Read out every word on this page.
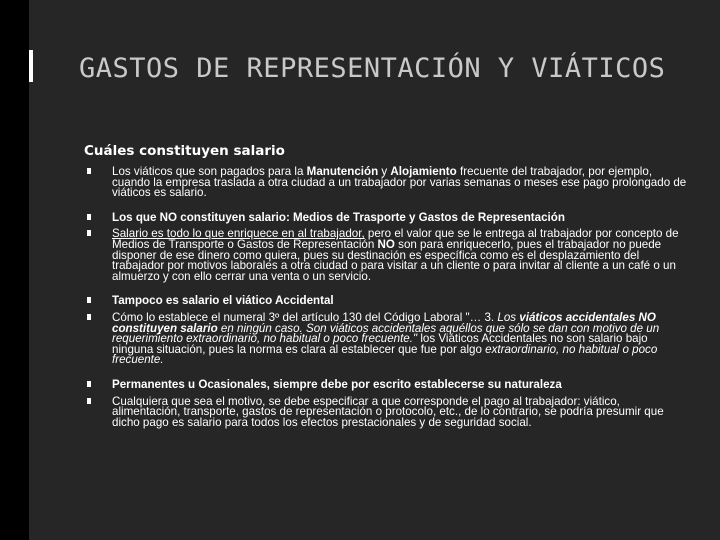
GASTOS DE REPRESENTACIÓN Y VIÁTICOS
Cuáles constituyen salario
Los viáticos que son pagados para la Manutención y Alojamiento frecuente del trabajador, por ejemplo, cuando la empresa traslada a otra ciudad a un trabajador por varias semanas o meses ese pago prolongado de viáticos es salario.
Los que NO constituyen salario: Medios de Trasporte y Gastos de Representación
Salario es todo lo que enriquece en al trabajador, pero el valor que se le entrega al trabajador por concepto de Medios de Transporte o Gastos de Representación NO son para enriquecerlo, pues el trabajador no puede disponer de ese dinero como quiera, pues su destinación es específica como es el desplazamiento del trabajador por motivos laborales a otra ciudad o para visitar a un cliente o para invitar al cliente a un café o un almuerzo y con ello cerrar una venta o un servicio.
Tampoco es salario el viático Accidental
Cómo lo establece el numeral 3º del artículo 130 del Código Laboral "… 3. Los viáticos accidentales NO constituyen salario en ningún caso. Son viáticos accidentales aquéllos que sólo se dan con motivo de un requerimiento extraordinario, no habitual o poco frecuente." los Viáticos Accidentales no son salario bajo ninguna situación, pues la norma es clara al establecer que fue por algo extraordinario, no habitual o poco frecuente.
Permanentes u Ocasionales, siempre debe por escrito establecerse su naturaleza
Cualquiera que sea el motivo, se debe especificar a que corresponde el pago al trabajador: viático, alimentación, transporte, gastos de representación o protocolo, etc., de lo contrario, se podría presumir que dicho pago es salario para todos los efectos prestacionales y de seguridad social.
